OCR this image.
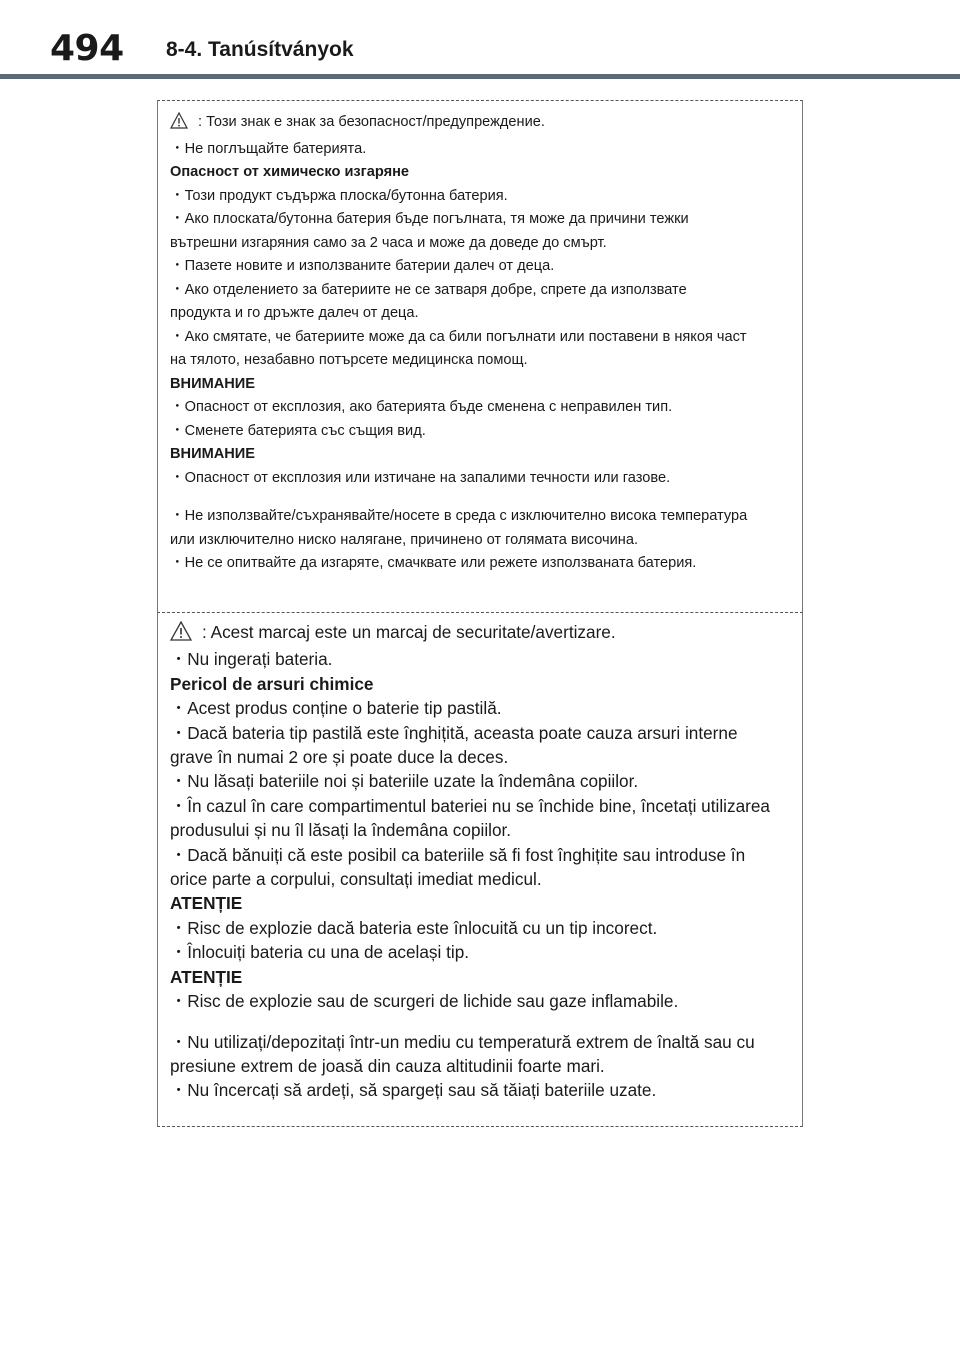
494 8-4. Tanúsítványok
: Този знак е знак за безопасност/предупреждение.
・Не поглъщайте батерията.
Опасност от химическо изгаряне
・Този продукт съдържа плоска/бутонна батерия.
・Ако плоската/бутонна батерия бъде погълната, тя може да причини тежки
вътрешни изгаряния само за 2 часа и може да доведе до смърт.
・Пазете новите и използваните батерии далеч от деца.
・Ако отделението за батериите не се затваря добре, спрете да използвате
продукта и го дръжте далеч от деца.
・Ако смятате, че батериите може да са били погълнати или поставени в някоя част
на тялото, незабавно потърсете медицинска помощ.
ВНИМАНИЕ
・Опасност от експлозия, ако батерията бъде сменена с неправилен тип.
・Сменете батерията със същия вид.
ВНИМАНИЕ
・Опасност от експлозия или изтичане на запалими течности или газове.
・Не използвайте/съхранявайте/носете в среда с изключително висока температура
или изключително ниско налягане, причинено от голямата височина.
・Не се опитвайте да изгаряте, смачквате или режете използваната батерия.
: Acest marcaj este un marcaj de securitate/avertizare.
・Nu ingerați bateria.
Pericol de arsuri chimice
・Acest produs conține o baterie tip pastilă.
・Dacă bateria tip pastilă este înghițită, aceasta poate cauza arsuri interne
grave în numai 2 ore și poate duce la deces.
・Nu lăsați bateriile noi și bateriile uzate la îndemâna copiilor.
・În cazul în care compartimentul bateriei nu se închide bine, încetați utilizarea
produsului și nu îl lăsați la îndemâna copiilor.
・Dacă bănuiți că este posibil ca bateriile să fi fost înghițite sau introduse în
orice parte a corpului, consultați imediat medicul.
ATENȚIE
・Risc de explozie dacă bateria este înlocuită cu un tip incorect.
・Înlocuiți bateria cu una de același tip.
ATENȚIE
・Risc de explozie sau de scurgeri de lichide sau gaze inflamabile.
・Nu utilizați/depozitați într-un mediu cu temperatură extrem de înaltă sau cu
presiune extrem de joasă din cauza altitudinii foarte mari.
・Nu încercați să ardeți, să spargeți sau să tăiați bateriile uzate.
